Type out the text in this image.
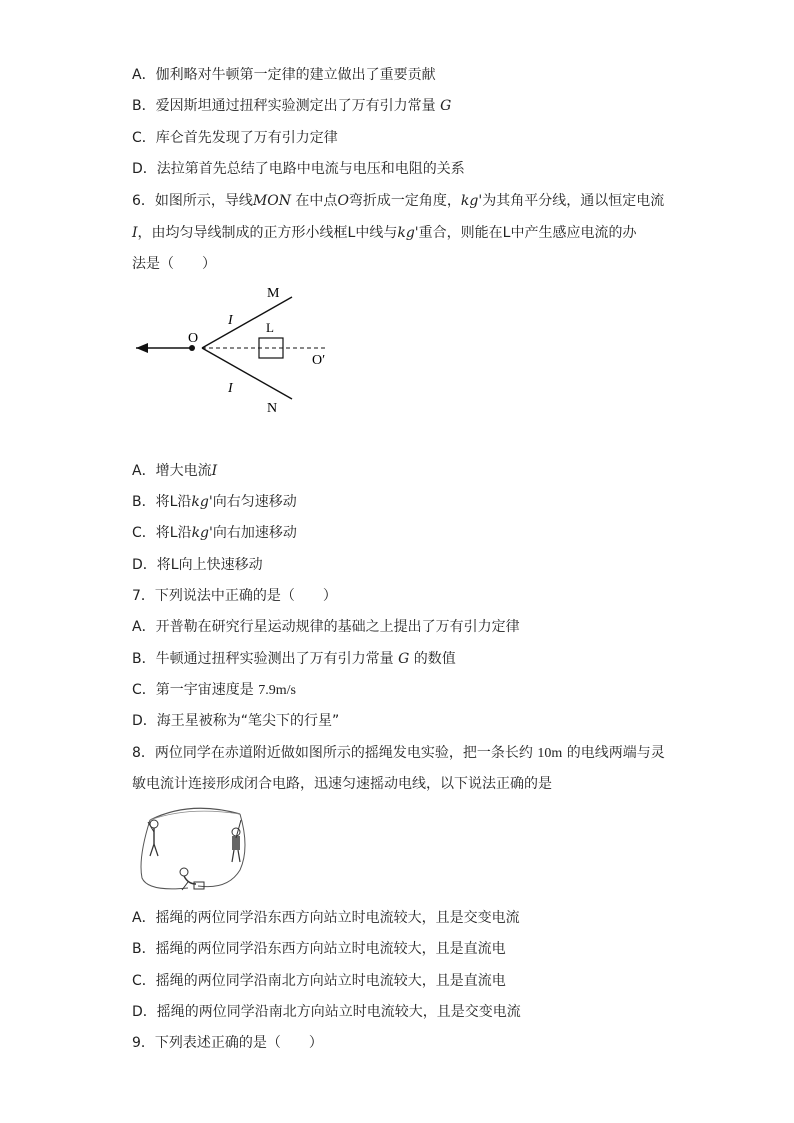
A．伽利略对牛顿第一定律的建立做出了重要贡献
B．爱因斯坦通过扭秤实验测定出了万有引力常量 G
C．库仑首先发现了万有引力定律
D．法拉第首先总结了电路中电流与电压和电阻的关系
6．如图所示，导线MON 在中点O弯折成一定角度，kg'为其角平分线，通以恒定电流
I，由均匀导线制成的正方形小线框L中线与kg'重合，则能在L中产生感应电流的办
法是（　　）
M
N
O
O′
L
I
I
A．增大电流I
B．将L沿kg'向右匀速移动
C．将L沿kg'向右加速移动
D．将L向上快速移动
7．下列说法中正确的是（　　）
A．开普勒在研究行星运动规律的基础之上提出了万有引力定律
B．牛顿通过扭秤实验测出了万有引力常量 G 的数值
C．第一宇宙速度是 7.9m/s
D．海王星被称为“笔尖下的行星”
8．两位同学在赤道附近做如图所示的摇绳发电实验，把一条长约 10m 的电线两端与灵
敏电流计连接形成闭合电路，迅速匀速摇动电线，以下说法正确的是
A．摇绳的两位同学沿东西方向站立时电流较大，且是交变电流
B．摇绳的两位同学沿东西方向站立时电流较大，且是直流电
C．摇绳的两位同学沿南北方向站立时电流较大，且是直流电
D．摇绳的两位同学沿南北方向站立时电流较大，且是交变电流
9．下列表述正确的是（　　）
